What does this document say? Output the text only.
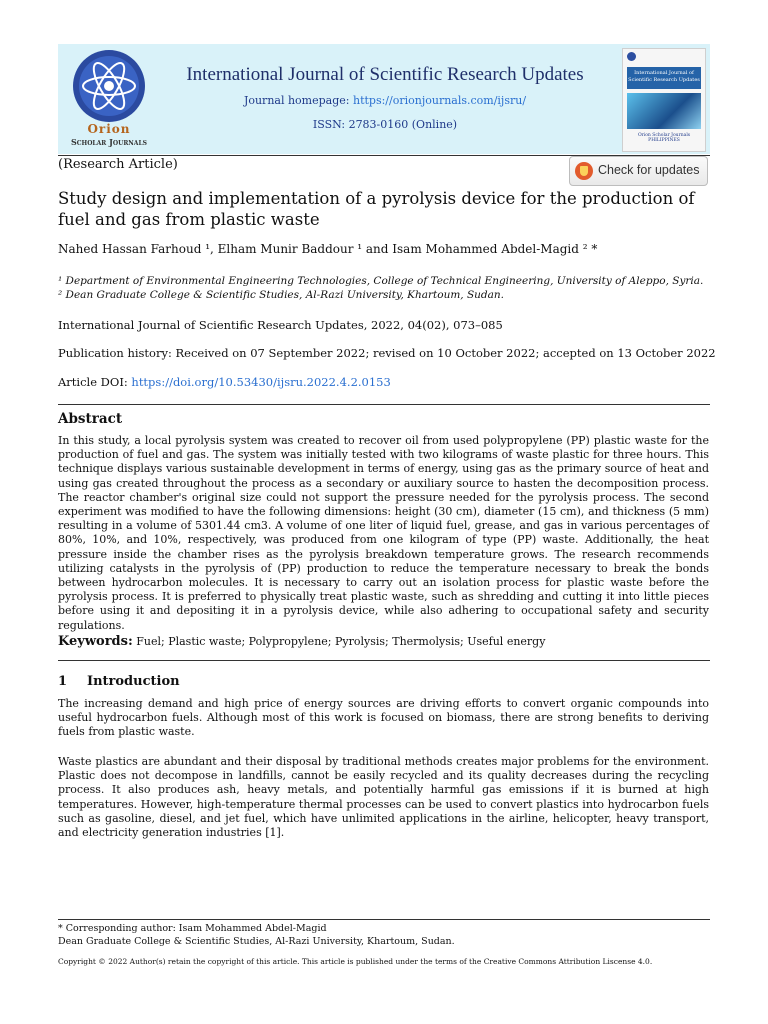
Orion
Scholar Journals
International Journal of Scientific Research Updates
Journal homepage: https://orionjournals.com/ijsru/
ISSN: 2783-0160 (Online)
International Journal of Scientific Research Updates
Orion Scholar Journals PHILIPPINES
(Research Article)	Check for updates
Study design and implementation of a pyrolysis device for the production of fuel and gas from plastic waste
Nahed Hassan Farhoud ¹, Elham Munir Baddour ¹ and Isam Mohammed Abdel-Magid ² *
¹ Department of Environmental Engineering Technologies, College of Technical Engineering, University of Aleppo, Syria.
² Dean Graduate College & Scientific Studies, Al-Razi University, Khartoum, Sudan.
International Journal of Scientific Research Updates, 2022, 04(02), 073–085
Publication history: Received on 07 September 2022; revised on 10 October 2022; accepted on 13 October 2022
Article DOI: https://doi.org/10.53430/ijsru.2022.4.2.0153
Abstract
In this study, a local pyrolysis system was created to recover oil from used polypropylene (PP) plastic waste for the production of fuel and gas. The system was initially tested with two kilograms of waste plastic for three hours. This technique displays various sustainable development in terms of energy, using gas as the primary source of heat and using gas created throughout the process as a secondary or auxiliary source to hasten the decomposition process. The reactor chamber's original size could not support the pressure needed for the pyrolysis process. The second experiment was modified to have the following dimensions: height (30 cm), diameter (15 cm), and thickness (5 mm) resulting in a volume of 5301.44 cm3. A volume of one liter of liquid fuel, grease, and gas in various percentages of 80%, 10%, and 10%, respectively, was produced from one kilogram of type (PP) waste. Additionally, the heat pressure inside the chamber rises as the pyrolysis breakdown temperature grows. The research recommends utilizing catalysts in the pyrolysis of (PP) production to reduce the temperature necessary to break the bonds between hydrocarbon molecules. It is necessary to carry out an isolation process for plastic waste before the pyrolysis process. It is preferred to physically treat plastic waste, such as shredding and cutting it into little pieces before using it and depositing it in a pyrolysis device, while also adhering to occupational safety and security regulations.
Keywords: Fuel; Plastic waste; Polypropylene; Pyrolysis; Thermolysis; Useful energy
1 Introduction
The increasing demand and high price of energy sources are driving efforts to convert organic compounds into useful hydrocarbon fuels. Although most of this work is focused on biomass, there are strong benefits to deriving fuels from plastic waste.
Waste plastics are abundant and their disposal by traditional methods creates major problems for the environment. Plastic does not decompose in landfills, cannot be easily recycled and its quality decreases during the recycling process. It also produces ash, heavy metals, and potentially harmful gas emissions if it is burned at high temperatures. However, high-temperature thermal processes can be used to convert plastics into hydrocarbon fuels such as gasoline, diesel, and jet fuel, which have unlimited applications in the airline, helicopter, heavy transport, and electricity generation industries [1].
* Corresponding author: Isam Mohammed Abdel-Magid
Dean Graduate College & Scientific Studies, Al-Razi University, Khartoum, Sudan.
Copyright © 2022 Author(s) retain the copyright of this article. This article is published under the terms of the Creative Commons Attribution Liscense 4.0.
